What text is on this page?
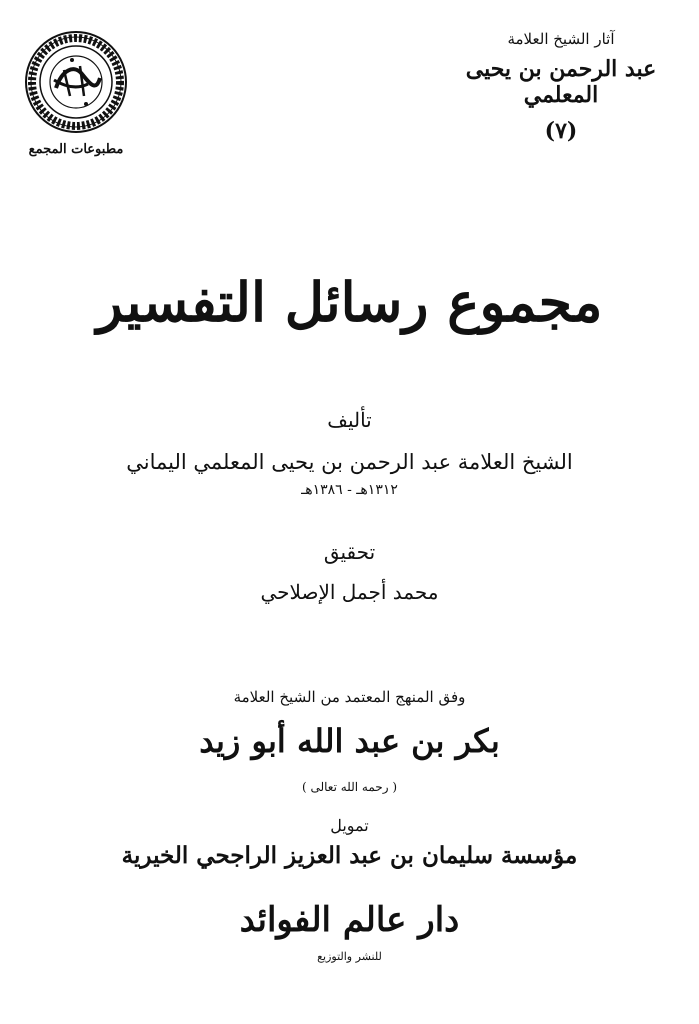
آثار الشيخ العلامة
عبد الرحمن بن يحيى المعلمي
(٧)
مطبوعات المجمع
مجموع رسائل التفسير
تأليف
الشيخ العلامة عبد الرحمن بن يحيى المعلمي اليماني
١٣١٢هـ - ١٣٨٦هـ
تحقيق
محمد أجمل الإصلاحي
وفق المنهج المعتمد من الشيخ العلامة
بكر بن عبد الله أبو زيد
( رحمه الله تعالى )
تمويل
مؤسسة سليمان بن عبد العزيز الراجحي الخيرية
دار عالم الفوائد
للنشر والتوزيع
